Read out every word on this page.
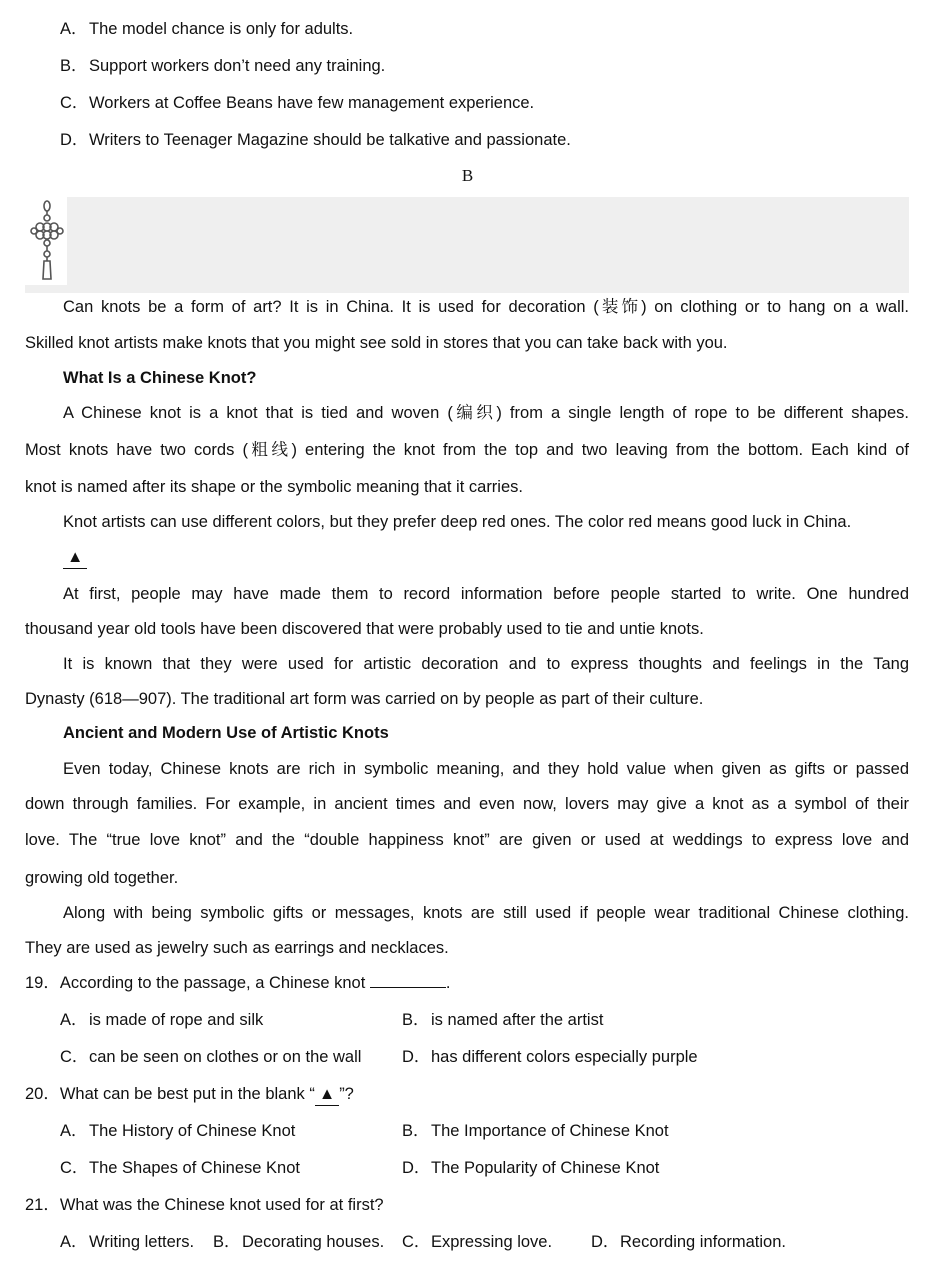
A．The model chance is only for adults.
B．Support workers don’t need any training.
C．Workers at Coffee Beans have few management experience.
D．Writers to Teenager Magazine should be talkative and passionate.
B
Can knots be a form of art? It is in China. It is used for decoration (装饰) on clothing or to hang on a wall.
Skilled knot artists make knots that you might see sold in stores that you can take back with you.
What Is a Chinese Knot?
A Chinese knot is a knot that is tied and woven (编织) from a single length of rope to be different shapes.
Most knots have two cords (粗线) entering the knot from the top and two leaving from the bottom. Each kind of
knot is named after its shape or the symbolic meaning that it carries.
Knot artists can use different colors, but they prefer deep red ones. The color red means good luck in China.
▲
At first, people may have made them to record information before people started to write. One hundred
thousand year old tools have been discovered that were probably used to tie and untie knots.
It is known that they were used for artistic decoration and to express thoughts and feelings in the Tang
Dynasty (618—907). The traditional art form was carried on by people as part of their culture.
Ancient and Modern Use of Artistic Knots
Even today, Chinese knots are rich in symbolic meaning, and they hold value when given as gifts or passed
down through families. For example, in ancient times and even now, lovers may give a knot as a symbol of their
love. The “true love knot” and the “double happiness knot” are given or used at weddings to express love and
growing old together.
Along with being symbolic gifts or messages, knots are still used if people wear traditional Chinese clothing.
They are used as jewelry such as earrings and necklaces.
19．According to the passage, a Chinese knot	.
A．is made of rope and silk	B．is named after the artist
C．can be seen on clothes or on the wall D．has different colors especially purple
20．What can be best put in the blank “ ▲ ”?
A．The History of Chinese Knot	B．The Importance of Chinese Knot
C．The Shapes of Chinese Knot	D．The Popularity of Chinese Knot
21．What was the Chinese knot used for at first?
A．Writing letters. B．Decorating houses. C．Expressing love. D．Recording information.
